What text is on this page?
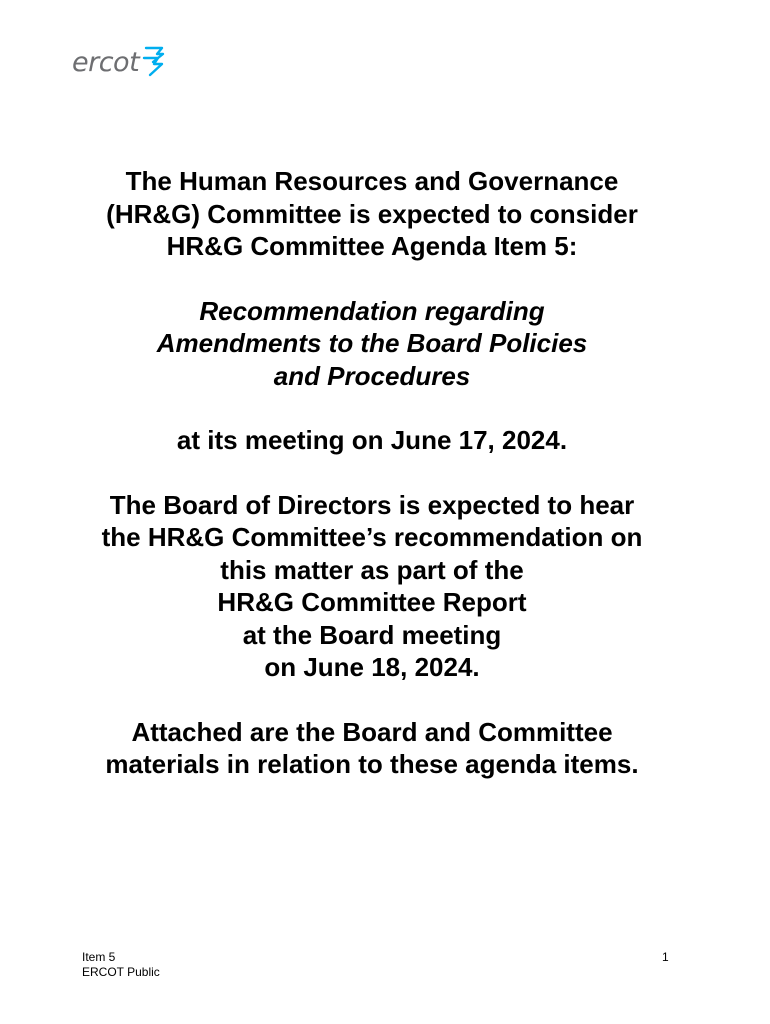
ercot

The Human Resources and Governance
(HR&G) Committee is expected to consider
HR&G Committee Agenda Item 5:

Recommendation regarding
Amendments to the Board Policies
and Procedures

at its meeting on June 17, 2024.

The Board of Directors is expected to hear
the HR&G Committee’s recommendation on
this matter as part of the
HR&G Committee Report
at the Board meeting
on June 18, 2024.

Attached are the Board and Committee
materials in relation to these agenda items.

Item 5
ERCOT Public
1
